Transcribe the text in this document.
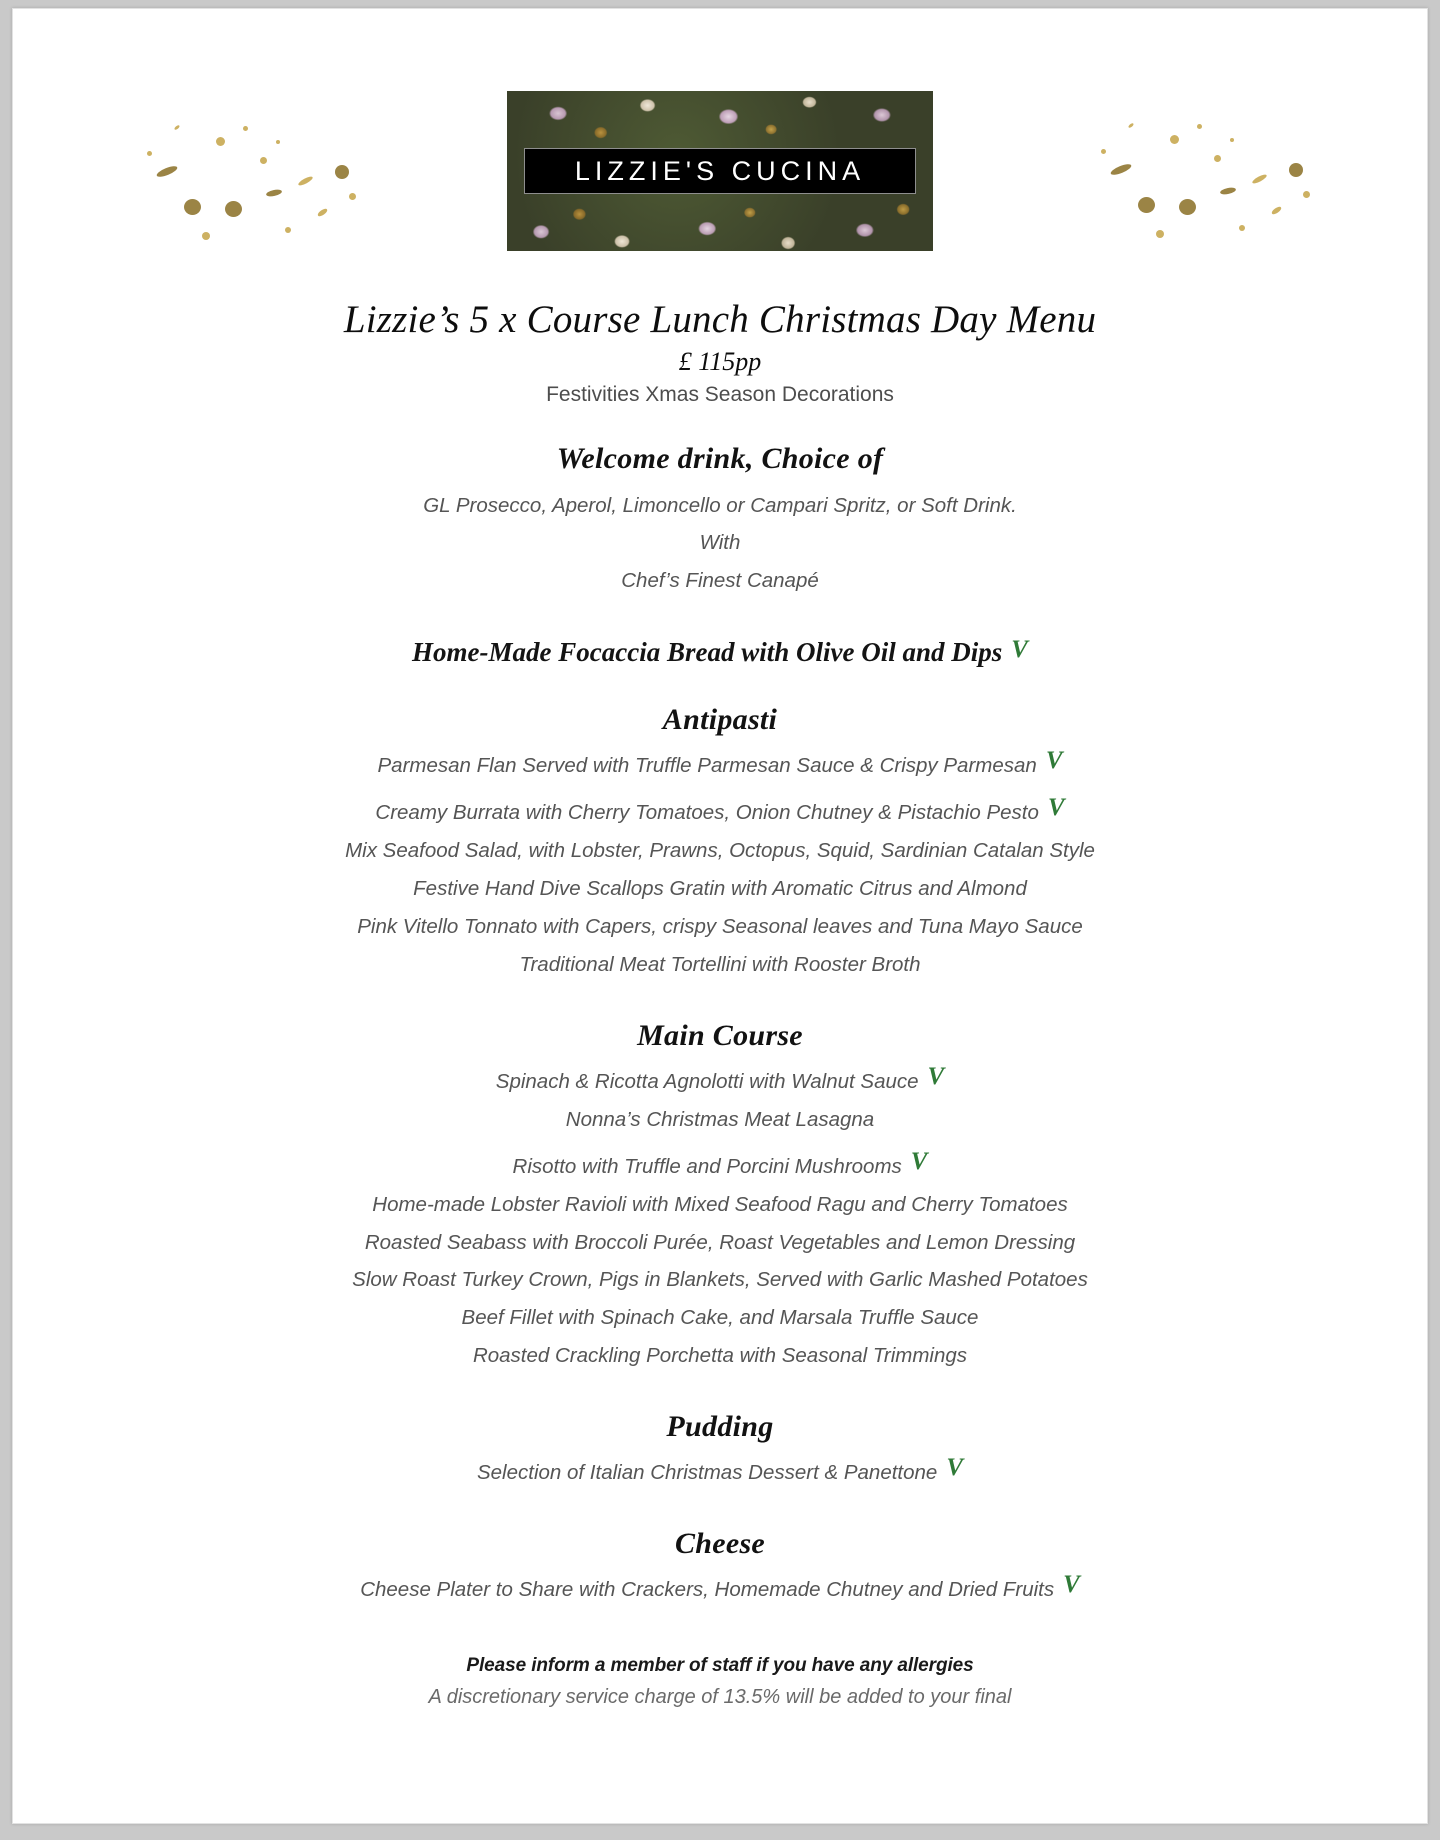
LIZZIE'S CUCINA
Lizzie’s 5 x Course Lunch Christmas Day Menu
£ 115pp
Festivities Xmas Season Decorations
Welcome drink, Choice of
GL Prosecco, Aperol, Limoncello or Campari Spritz, or Soft Drink.
With
Chef’s Finest Canapé
Home-Made Focaccia Bread with Olive Oil and Dips V
Antipasti
Parmesan Flan Served with Truffle Parmesan Sauce & Crispy Parmesan V
Creamy Burrata with Cherry Tomatoes, Onion Chutney & Pistachio Pesto V
Mix Seafood Salad, with Lobster, Prawns, Octopus, Squid, Sardinian Catalan Style
Festive Hand Dive Scallops Gratin with Aromatic Citrus and Almond
Pink Vitello Tonnato with Capers, crispy Seasonal leaves and Tuna Mayo Sauce
Traditional Meat Tortellini with Rooster Broth
Main Course
Spinach & Ricotta Agnolotti with Walnut Sauce V
Nonna’s Christmas Meat Lasagna
Risotto with Truffle and Porcini Mushrooms V
Home-made Lobster Ravioli with Mixed Seafood Ragu and Cherry Tomatoes
Roasted Seabass with Broccoli Purée, Roast Vegetables and Lemon Dressing
Slow Roast Turkey Crown, Pigs in Blankets, Served with Garlic Mashed Potatoes
Beef Fillet with Spinach Cake, and Marsala Truffle Sauce
Roasted Crackling Porchetta with Seasonal Trimmings
Pudding
Selection of Italian Christmas Dessert & Panettone V
Cheese
Cheese Plater to Share with Crackers, Homemade Chutney and Dried Fruits V
Please inform a member of staff if you have any allergies
A discretionary service charge of 13.5% will be added to your final
